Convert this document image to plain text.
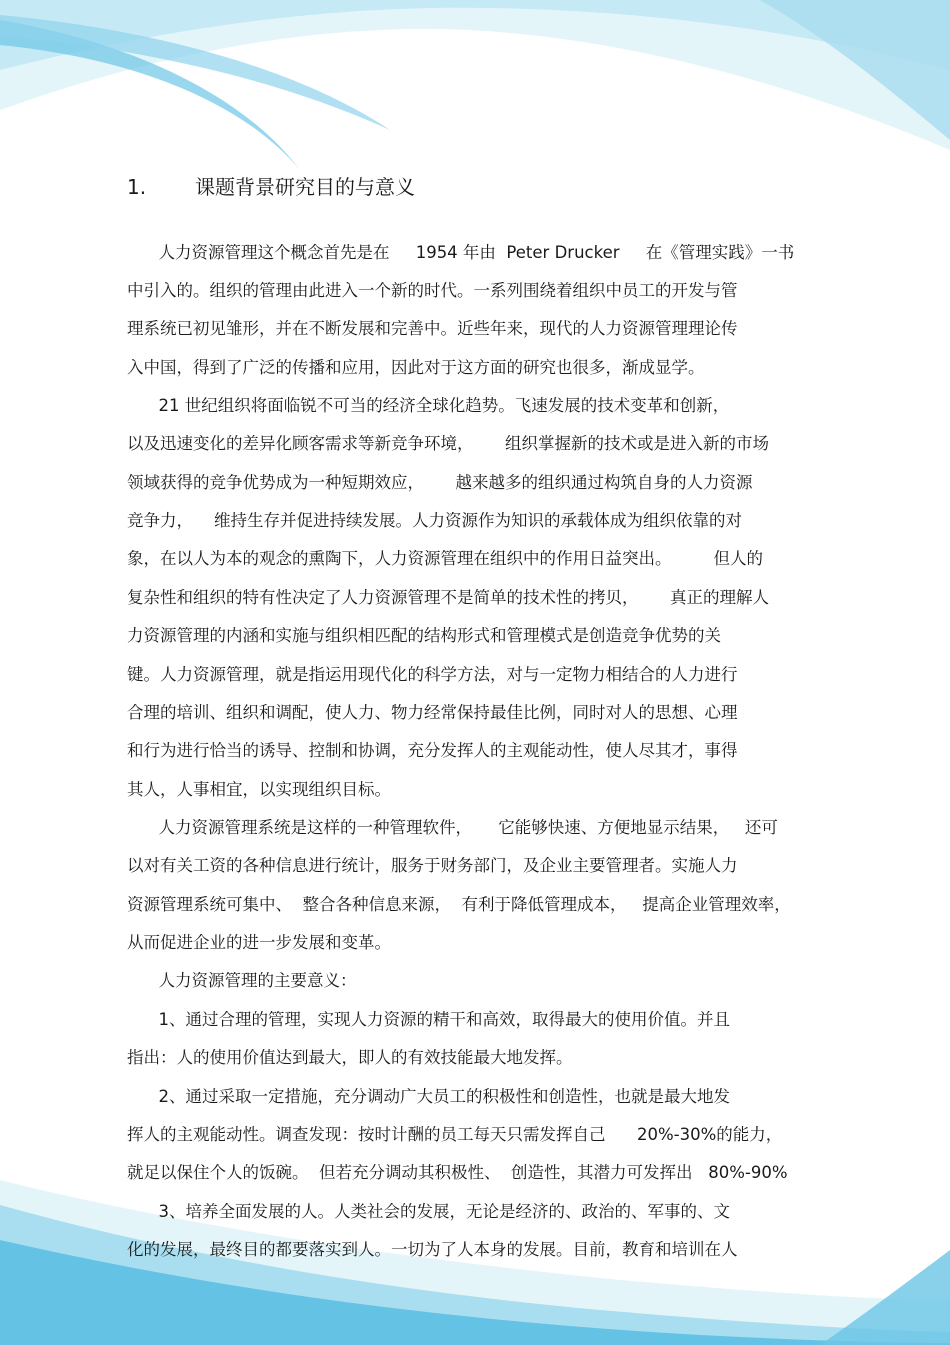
1. 课题背景研究目的与意义
人力资源管理这个概念首先是在     1954 年由  Peter Drucker     在《管理实践》一书
中引入的。组织的管理由此进入一个新的时代。一系列围绕着组织中员工的开发与管
理系统已初见雏形，并在不断发展和完善中。近些年来，现代的人力资源管理理论传
入中国，得到了广泛的传播和应用，因此对于这方面的研究也很多，渐成显学。
21 世纪组织将面临锐不可当的经济全球化趋势。飞速发展的技术变革和创新，
以及迅速变化的差异化顾客需求等新竞争环境，      组织掌握新的技术或是进入新的市场
领域获得的竞争优势成为一种短期效应，      越来越多的组织通过构筑自身的人力资源
竞争力，    维持生存并促进持续发展。人力资源作为知识的承载体成为组织依靠的对
象，在以人为本的观念的熏陶下，人力资源管理在组织中的作用日益突出。        但人的
复杂性和组织的特有性决定了人力资源管理不是简单的技术性的拷贝，      真正的理解人
力资源管理的内涵和实施与组织相匹配的结构形式和管理模式是创造竞争优势的关
键。人力资源管理，就是指运用现代化的科学方法，对与一定物力相结合的人力进行
合理的培训、组织和调配，使人力、物力经常保持最佳比例，同时对人的思想、心理
和行为进行恰当的诱导、控制和协调，充分发挥人的主观能动性，使人尽其才，事得
其人，人事相宜，以实现组织目标。
人力资源管理系统是这样的一种管理软件，     它能够快速、方便地显示结果，   还可
以对有关工资的各种信息进行统计，服务于财务部门，及企业主要管理者。实施人力
资源管理系统可集中、  整合各种信息来源，  有利于降低管理成本，   提高企业管理效率，
从而促进企业的进一步发展和变革。
人力资源管理的主要意义：
1、通过合理的管理，实现人力资源的精干和高效，取得最大的使用价值。并且
指出：人的使用价值达到最大，即人的有效技能最大地发挥。
2、通过采取一定措施，充分调动广大员工的积极性和创造性，也就是最大地发
挥人的主观能动性。调查发现：按时计酬的员工每天只需发挥自己      20%-30%的能力，
就足以保住个人的饭碗。  但若充分调动其积极性、  创造性，其潜力可发挥出   80%-90%
3、培养全面发展的人。人类社会的发展，无论是经济的、政治的、军事的、文
化的发展，最终目的都要落实到人。一切为了人本身的发展。目前，教育和培训在人
